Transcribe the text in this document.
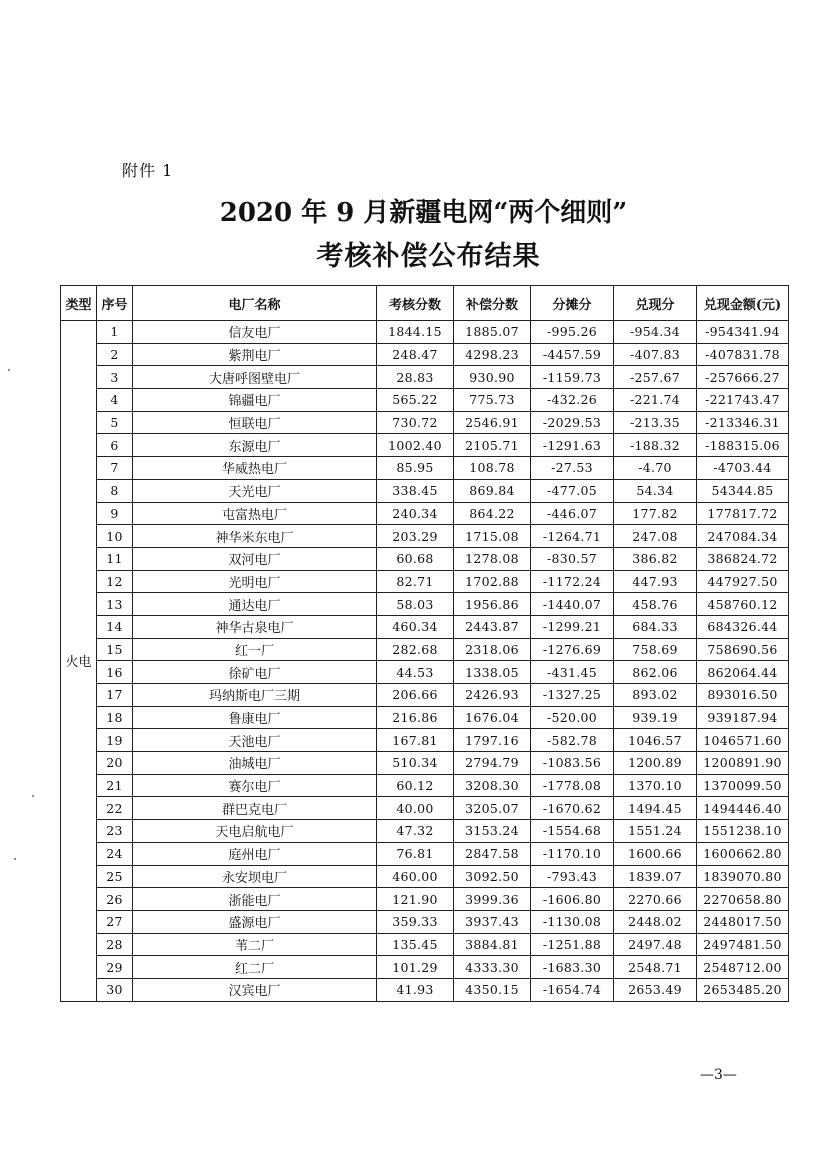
附件 1
2020 年 9 月新疆电网“两个细则”
考核补偿公布结果
类型	序号	电厂名称	考核分数	补偿分数	分摊分	兑现分	兑现金额(元)
火电	1	信友电厂	1844.15	1885.07	-995.26	-954.34	-954341.94
	2	紫荆电厂	248.47	4298.23	-4457.59	-407.83	-407831.78
	3	大唐呼图壁电厂	28.83	930.90	-1159.73	-257.67	-257666.27
	4	锦疆电厂	565.22	775.73	-432.26	-221.74	-221743.47
	5	恒联电厂	730.72	2546.91	-2029.53	-213.35	-213346.31
	6	东源电厂	1002.40	2105.71	-1291.63	-188.32	-188315.06
	7	华威热电厂	85.95	108.78	-27.53	-4.70	-4703.44
	8	天光电厂	338.45	869.84	-477.05	54.34	54344.85
	9	屯富热电厂	240.34	864.22	-446.07	177.82	177817.72
	10	神华米东电厂	203.29	1715.08	-1264.71	247.08	247084.34
	11	双河电厂	60.68	1278.08	-830.57	386.82	386824.72
	12	光明电厂	82.71	1702.88	-1172.24	447.93	447927.50
	13	通达电厂	58.03	1956.86	-1440.07	458.76	458760.12
	14	神华古泉电厂	460.34	2443.87	-1299.21	684.33	684326.44
	15	红一厂	282.68	2318.06	-1276.69	758.69	758690.56
	16	徐矿电厂	44.53	1338.05	-431.45	862.06	862064.44
	17	玛纳斯电厂三期	206.66	2426.93	-1327.25	893.02	893016.50
	18	鲁康电厂	216.86	1676.04	-520.00	939.19	939187.94
	19	天池电厂	167.81	1797.16	-582.78	1046.57	1046571.60
	20	油城电厂	510.34	2794.79	-1083.56	1200.89	1200891.90
	21	赛尔电厂	60.12	3208.30	-1778.08	1370.10	1370099.50
	22	群巴克电厂	40.00	3205.07	-1670.62	1494.45	1494446.40
	23	天电启航电厂	47.32	3153.24	-1554.68	1551.24	1551238.10
	24	庭州电厂	76.81	2847.58	-1170.10	1600.66	1600662.80
	25	永安坝电厂	460.00	3092.50	-793.43	1839.07	1839070.80
	26	浙能电厂	121.90	3999.36	-1606.80	2270.66	2270658.80
	27	盛源电厂	359.33	3937.43	-1130.08	2448.02	2448017.50
	28	苇二厂	135.45	3884.81	-1251.88	2497.48	2497481.50
	29	红二厂	101.29	4333.30	-1683.30	2548.71	2548712.00
	30	汉宾电厂	41.93	4350.15	-1654.74	2653.49	2653485.20
—3—
